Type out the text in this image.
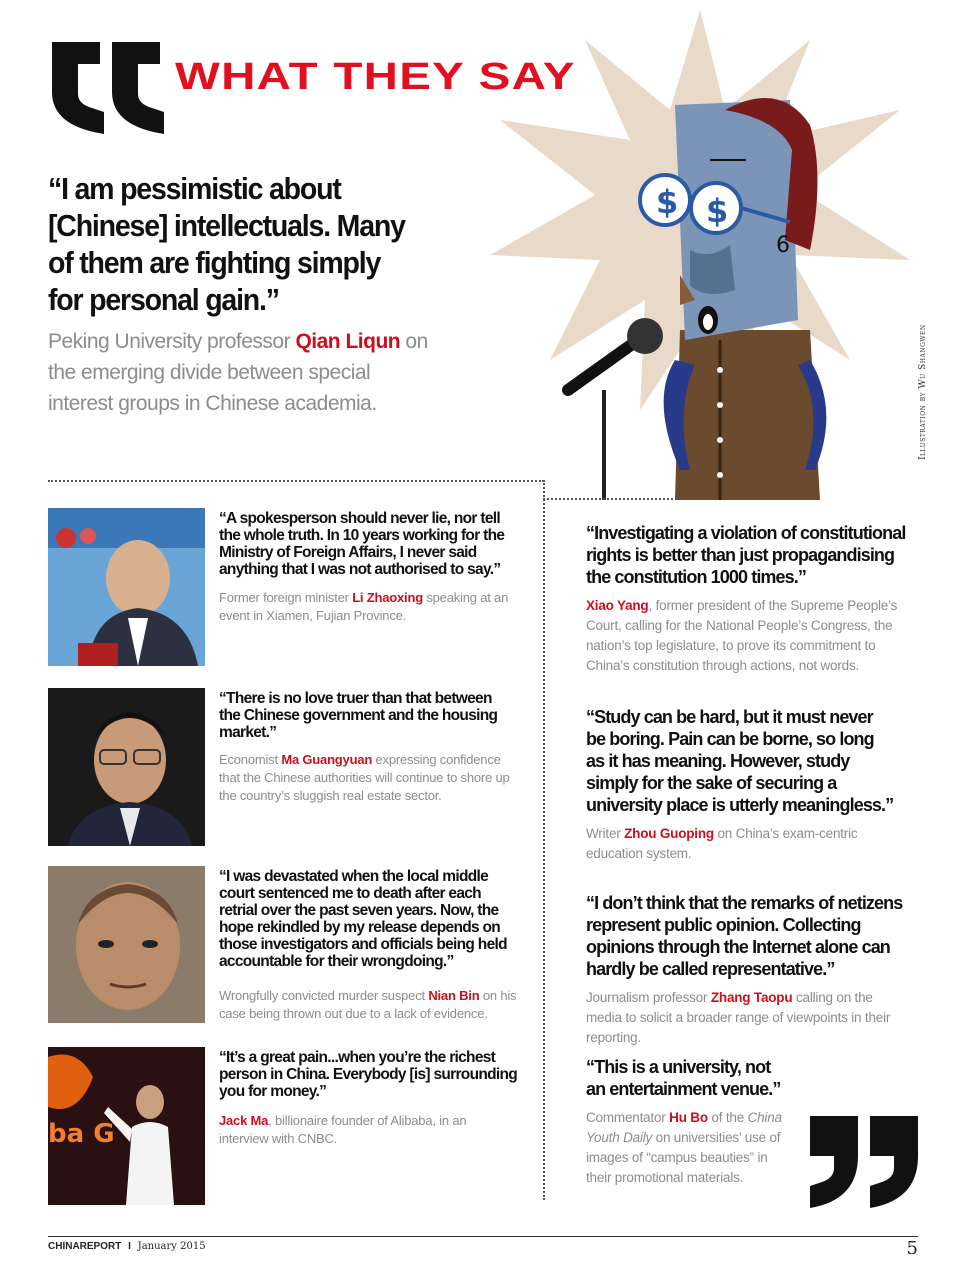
WHAT THEY SAY
$ $
6
Illustration by Wu Shangwen
“I am pessimistic about [Chinese] intellectuals. Many of them are fighting simply for personal gain.”
Peking University professor Qian Liqun on the emerging divide between special interest groups in Chinese academia.
“A spokesperson should never lie, nor tell the whole truth. In 10 years working for the Ministry of Foreign Affairs, I never said anything that I was not authorised to say.”
Former foreign minister Li Zhaoxing speaking at an event in Xiamen, Fujian Province.
“There is no love truer than that between the Chinese government and the housing market.”
Economist Ma Guangyuan expressing confidence that the Chinese authorities will continue to shore up the country’s sluggish real estate sector.
“I was devastated when the local middle court sentenced me to death after each retrial over the past seven years. Now, the hope rekindled by my release depends on those investigators and officials being held accountable for their wrongdoing.”
Wrongfully convicted murder suspect Nian Bin on his case being thrown out due to a lack of evidence.
ba G
“It’s a great pain...when you’re the richest person in China. Everybody [is] surrounding you for money.”
Jack Ma, billionaire founder of Alibaba, in an interview with CNBC.
“Investigating a violation of constitutional rights is better than just propagandising the constitution 1000 times.”
Xiao Yang, former president of the Supreme People’s Court, calling for the National People’s Congress, the nation’s top legislature, to prove its commitment to China’s constitution through actions, not words.
“Study can be hard, but it must never be boring. Pain can be borne, so long as it has meaning. However, study simply for the sake of securing a university place is utterly meaningless.”
Writer Zhou Guoping on China’s exam-centric education system.
“I don’t think that the remarks of netizens represent public opinion. Collecting opinions through the Internet alone can hardly be called representative.”
Journalism professor Zhang Taopu calling on the media to solicit a broader range of viewpoints in their reporting.
“This is a university, not an entertainment venue.”
Commentator Hu Bo of the China Youth Daily on universities’ use of images of “campus beauties” in their promotional materials.
CHINAREPORT I January 2015	5
